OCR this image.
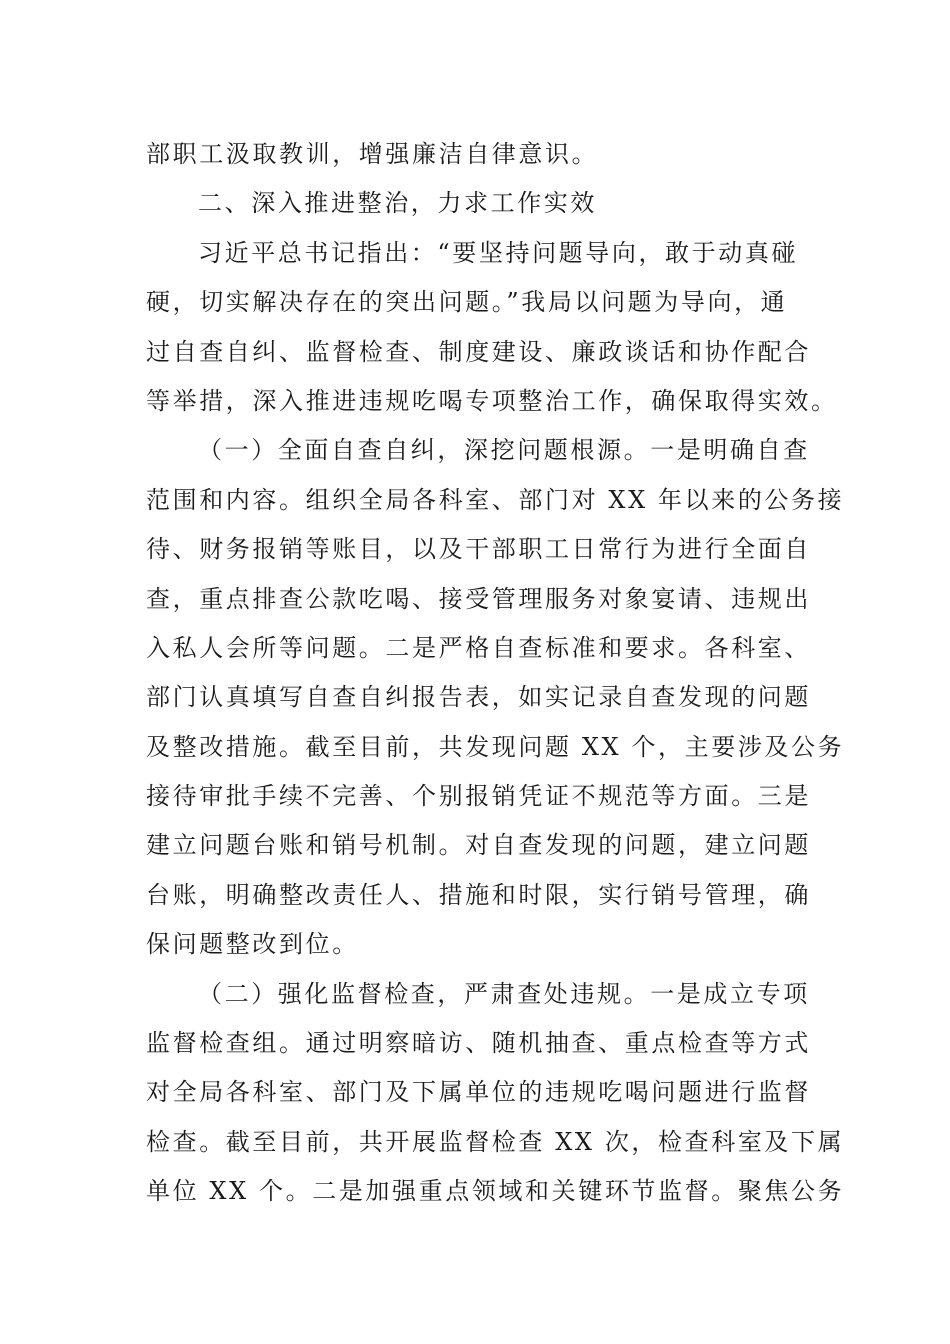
部职工汲取教训，增强廉洁自律意识。
二、深入推进整治，力求工作实效
习近平总书记指出：“要坚持问题导向，敢于动真碰
硬，切实解决存在的突出问题。”我局以问题为导向，通
过自查自纠、监督检查、制度建设、廉政谈话和协作配合
等举措，深入推进违规吃喝专项整治工作，确保取得实效。
（一）全面自查自纠，深挖问题根源。一是明确自查
范围和内容。组织全局各科室、部门对 XX 年以来的公务接
待、财务报销等账目，以及干部职工日常行为进行全面自
查，重点排查公款吃喝、接受管理服务对象宴请、违规出
入私人会所等问题。二是严格自查标准和要求。各科室、
部门认真填写自查自纠报告表，如实记录自查发现的问题
及整改措施。截至目前，共发现问题 XX 个，主要涉及公务
接待审批手续不完善、个别报销凭证不规范等方面。三是
建立问题台账和销号机制。对自查发现的问题，建立问题
台账，明确整改责任人、措施和时限，实行销号管理，确
保问题整改到位。
（二）强化监督检查，严肃查处违规。一是成立专项
监督检查组。通过明察暗访、随机抽查、重点检查等方式
对全局各科室、部门及下属单位的违规吃喝问题进行监督
检查。截至目前，共开展监督检查 XX 次，检查科室及下属
单位 XX 个。二是加强重点领域和关键环节监督。聚焦公务
